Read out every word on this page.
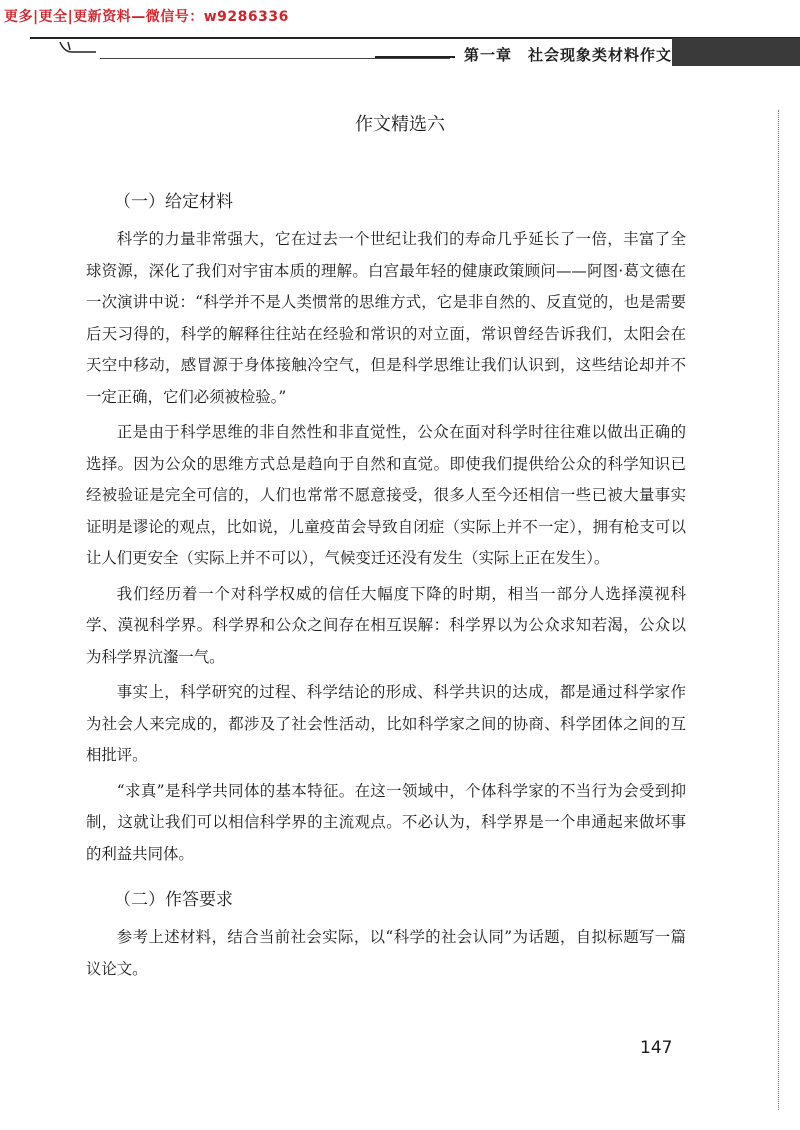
更多|更全|更新资料—微信号：w9286336
第一章　社会现象类材料作文
作文精选六
（一）给定材料

科学的力量非常强大，它在过去一个世纪让我们的寿命几乎延长了一倍，丰富了全球资源，深化了我们对宇宙本质的理解。白宫最年轻的健康政策顾问——阿图·葛文德在一次演讲中说：“科学并不是人类惯常的思维方式，它是非自然的、反直觉的，也是需要后天习得的，科学的解释往往站在经验和常识的对立面，常识曾经告诉我们，太阳会在天空中移动，感冒源于身体接触冷空气，但是科学思维让我们认识到，这些结论却并不一定正确，它们必须被检验。”

正是由于科学思维的非自然性和非直觉性，公众在面对科学时往往难以做出正确的选择。因为公众的思维方式总是趋向于自然和直觉。即使我们提供给公众的科学知识已经被验证是完全可信的，人们也常常不愿意接受，很多人至今还相信一些已被大量事实证明是谬论的观点，比如说，儿童疫苗会导致自闭症（实际上并不一定），拥有枪支可以让人们更安全（实际上并不可以），气候变迁还没有发生（实际上正在发生）。

我们经历着一个对科学权威的信任大幅度下降的时期，相当一部分人选择漠视科学、漠视科学界。科学界和公众之间存在相互误解：科学界以为公众求知若渴，公众以为科学界沆瀣一气。

事实上，科学研究的过程、科学结论的形成、科学共识的达成，都是通过科学家作为社会人来完成的，都涉及了社会性活动，比如科学家之间的协商、科学团体之间的互相批评。

“求真”是科学共同体的基本特征。在这一领域中，个体科学家的不当行为会受到抑制，这就让我们可以相信科学界的主流观点。不必认为，科学界是一个串通起来做坏事的利益共同体。

（二）作答要求

参考上述材料，结合当前社会实际，以“科学的社会认同”为话题，自拟标题写一篇议论文。

147
